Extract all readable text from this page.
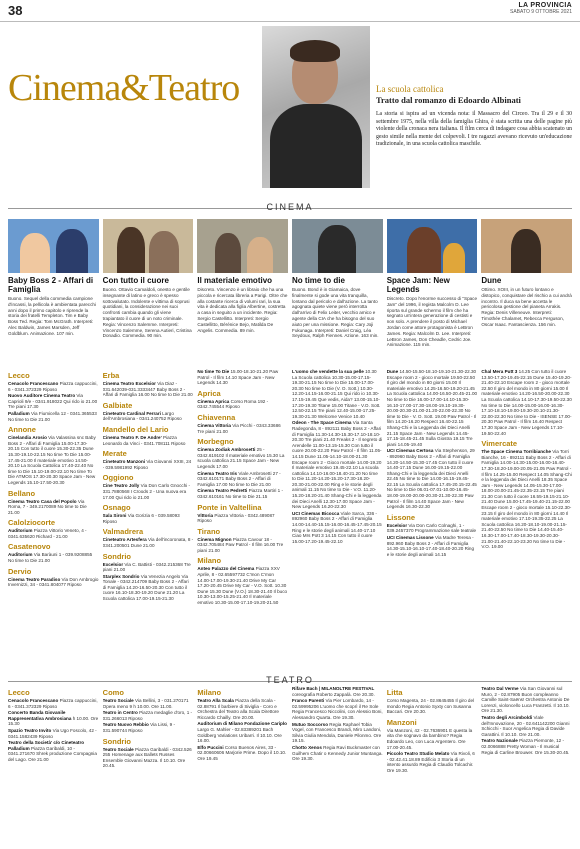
38	LA PROVINCIA
SABATO 9 OTTOBRE 2021
Cinema&Teatro	La scuola cattolica
Tratto dal romanzo di Edoardo Albinati
La storia si ispira ad un vicenda nota: il Massacro del Circeo. Tra il 29 e il 30 settembre 1975, nella villa della famiglia Ghira, è stata scritta una delle pagine più violente della cronaca nera italiana. Il film cerca di indagare cosa abbia scatenato un gesto simile nella mente dei colpevoli. I tre ragazzi avevano ricevuto un'educazione tradizionale, in una scuola cattolica maschile.
CINEMA
Baby Boss 2 - Affari di Famiglia
Buono. Sequel della commedia campione d'incassi, la pellicola è ambientata parecchi anni dopo il primo capitolo e riprende la storia dei fratelli Templeton. Tim e Baby Boss Ted. Regia: Tom McGrath. Interpreti: Alec Baldwin, James Marsden, Jeff Goldblum. Animazione. 107 min.
Con tutto il cuore
Buono. Ottavio Camaldoli, onesto e gentile insegnante di latino e greco è spesso sottovalutato. Indolente e vittima di soprusi quotidiani, la considerazione nei suoi confronti cambia quando gli viene trapiantato il cuore di un noto criminale. Regia: Vincenzo Salemme. Interpreti: Vincenzo Salemme, Serena Autieri, Cristina Donadio. Commedia. 90 min.
Il materiale emotivo
Discreto. Vincenzo è un libraio che ha una piccola e ricercata libreria a Parigi. Oltre che alla costante ricerca di volumi rari, la sua vita è dedicata alla figlia Albertine, costretta a casa in seguito a un incidente. Regia: Sergio Castellitto. Interpreti: Sergio Castellitto, Bérénice Bejo, Matilda De Angelis. Commedia. 89 min.
No time to die
Buono. Bond è in Giamaica, dove finalmente si gode una vita tranquilla, lontano dal pericolo e dall'azione. La tanto agognata quiete viene però interrotta dall'arrivo di Felix Leiter, vecchio amico e agente della CIA che ha bisogno del suo aiuto per una missione. Regia: Cary Joji Fukunaga. Interpreti: Daniel Craig, Léa Seydoux, Ralph Fiennes. Azione. 163 min.
Space Jam: New Legends
Discreto. Dopo l'enorme successo di "Space Jam" del 1996, il regista Malcolm D. Lee riporta sul grande schermo il film che ha segnato un'intera generazione di cestisti e non solo. A prendere il posto di Michael Jordan come attore protagonista è LeBron James. Regia: Malcolm D. Lee. Interpreti: LeBron James, Don Cheadle, Cedric Joe. Animazione. 115 min.
Dune
Ottimo. XOIII, in un futuro lontano e distopico, conquistare del rischio a cui andrà incontro. Il duca sa bene accetta le pericolosa gestione del pianeta Arrakis. Regia: Denis Villeneuve. Interpreti: Timothée Chalamet, Rebecca Ferguson, Oscar Isaac. Fantascienza. 156 min.
Lecco
Cenacolo Francescano Piazza cappuccini, 6 - 0341.372329 Riposo
Nuovo Auditore Cinema Teatro Via Caprioli 9/e - 0341.918022 Qui rido io 21.00 Tre piani 17.30
Palladium Via Fiumicella 12 - 0341.365533 No time to Die 21.00
Annone
Cinelandia Arosio Via Valassina snc Baby Boss 2 - Affari di Famiglia 15.00-17.30-20.15 Con tutto il cuore 15.30-22.35 Dune 15.30-19.10-22.15 No time To Die 15.00-17.45-21.00 Il materiale emotivo 14.50-20.10 La Scuola Cattolica 17.40-22.40 No time to Die 15.10-19.00-22.10 No time To Die ATMOS 17.30-20.30 Space Jam - New Legends 15.10-17.50-20.30
Bellano
Cinema Teatro Casa del Popolo Via Roma, 7 - 349.2170089 No time to Die 21.00
Calolziocorte
Auditorium Piazza Vittorio Veneto, 4 - 0341.635620 Richard - 21.00
Casatenovo
Auditorium Via Baràuni 1 - 039.9208855 No time to Die 21.00
Dervio
Cinema Teatro Paradiso Via Don Ambrogio Invernizzi, 34 - 0341.804077 Riposo
Erba
Cinema Teatro Excelsior Via Diaz - 031.642039-031.3333447 Baby Boss 2 - Affari di Famiglia 16.00 No time to Die 21.00
Galbiate
Cineteatro Cardinal Ferrari Largo dell'Ambrosiana - 0341.240752 Riposo
Mandello del Lario
Cinema Teatro F. De Andre' Piazza Leonardo da Vinci - 0341.708111 Riposo
Merate
Cineteatro Manzoni Via Giovanni XXIII, 24 - 039.5981992 Riposo
Oggiono
Cine Teatro Jolly Via Don Carlo Gnocchi - 331.7880568 I Croods 2 - Una nuova era 17.00 Qui rido io 21.00
Osnago
Sala Sironi Via Gorizia 6 - 039.58093 Riposo
Valmadrera
Cineteatro Artesfera Via dell'incoronata, 8 - 0341.200501 Dune 21.00
Sondrio
Excelsior Via C. Battisti - 0342.215368 Tre piani 21.00
Starplex Sondrio Via Venezia Angelo Via Tonale - 0342.214709 Baby Boss 2 - Affari di Famiglia 14.20-16.50-20.30 Con tutto il cuore 16.10-18.30-19.20 Dune 21.20 La Scuola cattolica 17.00-19.15-21.30
No time To Die 15.00-18.10-21.20 Paw Patrol - Il film 14.10 Space Jam - New Legends 14.30
Aprica
Cinema Aprica Corso Roma 192 - 0342.745544 Riposo
Chiavenna
Cinema Vittoria Via Picchi - 0343.33686 Tre piani 21.00
Morbegno
Cinema Zodiak Ambrosetti 25 - 0342.619102 Il materiale emotivo 15.30 La scuola cattolica 21.15 Space Jam - New Legends 17.00
Cinema Teatro Iris Viale Ambrosetti 27 - 0342.610171 Baby Boss 2 - Affari di Famiglia 17.00 No time to Die 21.00
Cinema Teatro Pedretti Piazza Martiri 1 - 0342.610161 No time to Die 21.15
Ponte in Valtellina
Vittoria Piazza Vittoria - 0342.489087 Riposo
Tirano
Cinema Mignon Piazza Cavour 18 - 0342.705484 Paw Patrol - Il film 16.00 Tre piani 21.00
Milano
Anteo Palazzo del Cinema Piazza XXV Aprile, 8 - 02.65597732 C'mon C'mon 14.00-17.00-19.30-21.40 Drive My Car 17.20-20.45 Drive My Car - V.O. Sott. 10.30 Dune 15.30 Dune (V.O.) 18.30-21.40 Il buco 10.30-13.00-15.25-21.40 Il materiale emotivo 10.30-15.00-17.10-19.20-21.50
L'uomo che vendette la sua pelle 10.30 La Scuola cattolica 10.30-15.00-17.15-19.30-21.15 No time to Die 15.00-17.00-20.30 No time to Die (V. O. Sott.) 10.30-12.20-14.15-16.00-21.15 Qui rido io 10.30-17.15-19.45 Que vedis, Aida? 13.00-15.10-17.20-19.30 Titane 15.00 Titane - V.O. Sott. 12.50-22.15 Tre piani 12.40-15.00-17.25-19.30-21.30 Welcome Venice 10.40
Odeon - The Space Cinema Via Santa Radegonda, 8 - 892111 Baby Boss 2 - Affari di Famiglia 11.30-14.30-15.30-17.10-18.10-20.30 Tre piani 21.40 Freaks 2 - Il segreto di Arendelle 11.00-13.15-15.30 Con tutto il cuore 20.00-22.20 Paw Patrol - Il film 11.05-14.15 Dune 11.05-14.10-18.00-21.30 Escape room 2 - Gioco mortale 14.00-19.20 Il materiale emotivo 19.45-22.10 La scuola cattolica 14.10-16.00-18.40-21.20 No time to Die 11.20-14.20-15.20-17.30-18.20-20.30-21.00-22.00 Ring e le storie degli animali 11.15 No time to Die - V.O. 11.20-15.20-18.20-21.40 Shang-Chi e la leggenda dei Dieci Anelli 12.30-17.00 Space Jam - New Legends 16.20-22.30
UCI Cinemas Bicocca Viale Sarca, 336 - 892960 Baby Boss 2 - Affari di Famiglia 14.00-14.40-15.15-16.00-16.45-17.45-20.15 Ring e le storie degli animali 14.40-17.10 Ciao Mrs Pott 3 14.15 Con tutto il cuore 15.00-17.20-19.45-22.10
Dune 14.50-15.50-18.10-19.10-21.30-22.30 Escape room 2 - gioco mortale 19.50-22.50 Il giro del mondo in 80 giorni 15.00 Il materiale emotivo 14.25-16.50-19.20-21.45 La Scuola cattolica 14.00-16.50-20.45-21.00 No time to Die 16.00-17.00-14.10-15.30-16.10-17.00-17.30-18.00-19.10-19.30-20.00-20.30-21.00-21.20-22.00-22.30 No time to Die - V. O. Sott. 19.00 Paw Patrol - Il film 14.20-16.20 Respect 16.40-22.15 Shang-Chi e la Leggenda dei Dieci Anelli 21.15 Space Jam - New Legends 14.45-17.15-18.45-21.45 Sulla Giostra 19.15 Tre piani 14.05-19.40
UCI Cinemas Certosa Via Stephenson, 29 - 892960 Baby Boss 2 - Affari di Famiglia 14.20-14.50-15.30-17.45 Con tutto il cuore 14.40-17.15 Dune 16.00-19.15-22.00 Shang-Chi e la leggenda dei Dieci Anelli 22.45 No time to Die 14.00-16.15-19.45-22.15 La Scuola cattolica 17.45-20.15-22.45 No time to Die 06.01-07.01-10.00-16.45-18.00-19.00-20.00-20.30-21.30-22.30 Paw Patrol - Il film 14.40 Space Jam - New Legends 16.30-22.30
Lissone
Excelsior Via Don Carlo Colnaghi, 1 - 039.2457370 Programmazione sale teatrale
UCI Cinemas Lissone Via Madre Teresa - 892.960 Baby Boss 2 - Affari di Famiglia 14.30-15.10-16.10-17.40-18.40-20.20 Ring e le storie degli animali 14.15
Chal Mera Putt 3 14.25 Con tutto il cuore 13.50-17.20-19.45-22.15 Dune 15.40-19.20-21.40-22.10 Escape room 2 - gioco mortale 22.50 Il giro del mondo in 80 giorni 15.00 Il materiale emotivo 14.20-16.50-20.00-22.30 La Scuola cattolica 14.10-17.30-19.50-22.30 No time to Die 14.00-15.00-16.00-16.30-17.10-18.10-19.00-19.30-20.10-21.30-22.00-22.30 No time to Die - ISENSE 17.00-20.30 Paw Patrol - Il film 16.40 Respect 17.30 Space Jam - New Legends 17.10-19.50-22.40
Vimercate
The Space Cinema Torribianche Via Torri Bianche, 16 - 892111 Baby Boss 2 - Affari di Famiglia 14.00-14.30-15.00-16.00-16.40-17.30-18.20-19.00-20.05-21.05 Paw Patrol - Il film 14.25-15.00 Respect 14.05 Shang-Chi e la leggenda dei Dieci Anelli 18.35 Space Jam - New Legends 14.05-15.30-17.00-18.00-20.00-21.45-22.35-23.15 Tre piani 21.30 Con tutto il cuore 16.55-19.15-21.10-21.40 Dune 15.00-17.45-19.40-21.15-22.00 Escape room 2 - gioco mortale 15.10-22.30-23.15 Il giro del mondo in 80 giorni 14.40 Il materiale emotivo 17.10-19.35-22.25 La Scuola cattolica 16.20-18.10-19.00-21.15-21.40-22.50 No time to Die 14.40-15.40-16.30-17.00-17.40-18.30-19.30-20.30-21.00-21.40-22.10-23.20 No time to Die - V.O. 19.00
TEATRO
Lecco
Cenacolo Francescano Piazza cappuccini, 6 - 0341.372329 Riposo
Concerto Banda Giovanile Rappresentativa Ambrosiana h 10.00. Ore 15.30
Spazio Teatro Invito Via Ugo Foscolo, 42 - 0341.1582439 Riposo
Teatro della Società' c/o Cineteatro Palladium Piazza Garibaldi, 10 - 0341.271670 Shrek produzione Compagnia del Lago. Ore 21.00
Como
Teatro Sociale Via Bellini, 3 - 031.270171 Opera meno 9 h 10.00. Ore 11.00.
Teatro in Centro Piazza medaglie d'oro, 1 - 031.266013 Riposo
Teatro Nuovo Rebbio Via Lissi, 9 - 031.590744 Riposo
Sondrio
Teatro Sociale Piazza Garibaldi - 0342.526 255 Homenage aux Ballets Russes Ensemble Giovanni Mazza. Il 10.10. Ore 20.45.
Milano
Teatro Alla Scala Piazza della Scala - 02.88791 Il barbiere di Siviglia - Coro e Orchestra del Teatro alla Scala Direttore Riccardo Chailly. Ore 20.00.
Auditorium di Milano Fondazione Cariplo Largo G. Mahler - 02.83389201 Bach Goldberg Variations Uribarri. Il 10.10. Ore 16.00.
Elfo Puccini Corso Buenos Aires, 33 - 02.00660606 Marjorie Prime. Dopo il 10.10. Ore 19.45
Rifare Bach | MILANOLTRE FESTIVAL coreografia Roberto Zappalà. Ore 20.30.
Franco Parenti Via Pier Lombardo, 14 - 02.59995206 L'uomo che scoprì il Re Sole Regia Francesco Niccolini, con Alessio Boni, Alessandro Quarta. Ore 19.30.
Mutuo Soccorso Regia Raphael Tobia Vogel, con Francesco Brandi, Miro Landoni, Silvia Giulia Mendola, Daniele Pilonmo. Ore 19.15.
Chotto Xenos Regia Ravi Buckmaster con Guilhem Chatir o Kennedy Junior Muntanga. Ore 19.30.
Litta
Corso Magenta, 24 - 02.8645455 Il giro del mondo Regia Antonio Syxty con Susanna Baccari. Ore 20.30.
Manzoni
Via Manzoni, 42 - 02.7636901 E questa la vita che sognavo da bambino? Regia Edoardo Leo, con Luca Argentero. Ore 17.00-20.45.
Piccolo Teatro Studio Melato Via Rivoli, 6 - 02.42.41.18.89 Edificio 3 Storia di un intento assurdo Regia di Claudio Tolcachir. Ore 19.30.
Teatro Dal Verme Via San Giovanni sul Muro, 2 - 02.87905 Buon compleanno Camille Saint-Saëns! Orchestra Antonio De Lorenzi, violoncello Luca Franzetti. Il 10.10. Ore 21.30.
Teatro degli Arcimboldi Viale dell'Innovazione, 20 - 02.641142200 Gianni Schicchi - Suor Angelica Regia di Davide Garattini. Il 10.10. Ore 21.00.
Teatro Nazionale Piazza Piemonte, 12 - 02.0066888 Pretty Woman - Il musical Regia di Carline Brouwer. Ore 15.30-20.45.
